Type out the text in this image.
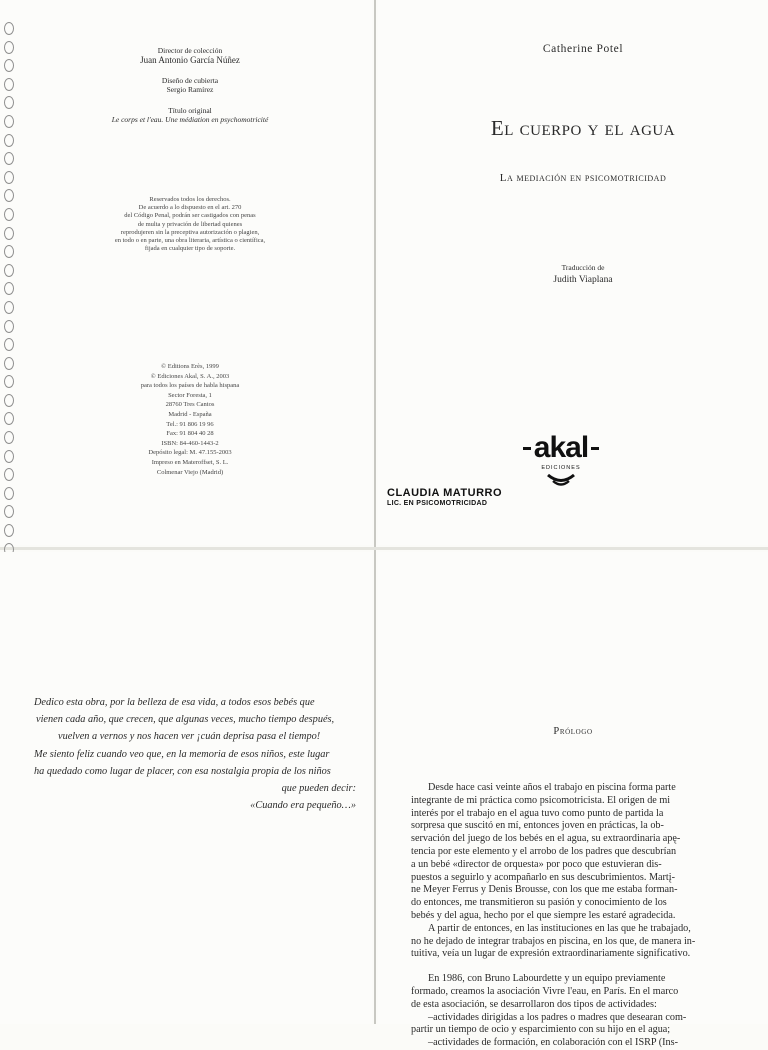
Director de colección
Juan Antonio García Núñez
Diseño de cubierta
Sergio Ramírez
Título original
Le corps et l'eau. Une médiation en psychomotricité
Reservados todos los derechos.
De acuerdo a lo dispuesto en el art. 270
del Código Penal, podrán ser castigados con penas
de multa y privación de libertad quienes
reprodujeren sin la preceptiva autorización o plagien,
en todo o en parte, una obra literaria, artística o científica,
fijada en cualquier tipo de soporte.
© Editions Erès, 1999
© Ediciones Akal, S. A., 2003
para todos los países de habla hispana
Sector Foresta, 1
28760 Tres Cantos
Madrid - España
Tel.: 91 806 19 96
Fax: 91 804 40 28
ISBN: 84-460-1443-2
Depósito legal: M. 47.155-2003
Impreso en Materoffset, S. L.
Colmenar Viejo (Madrid)
Catherine Potel
El cuerpo y el agua
La mediación en psicomotricidad
Traducción de
Judith Viaplana
akal
EDICIONES
CLAUDIA MATURRO
LIC. EN PSICOMOTRICIDAD
Dedico esta obra, por la belleza de esa vida, a todos esos bebés que
vienen cada año, que crecen, que algunas veces, mucho tiempo después,
vuelven a vernos y nos hacen ver ¡cuán deprisa pasa el tiempo!
Me siento feliz cuando veo que, en la memoria de esos niños, este lugar
ha quedado como lugar de placer, con esa nostalgia propia de los niños
que pueden decir:
«Cuando era pequeño…»
Prólogo
Desde hace casi veinte años el trabajo en piscina forma parte
integrante de mi práctica como psicomotricista. El origen de mi
interés por el trabajo en el agua tuvo como punto de partida la
sorpresa que suscitó en mí, entonces joven en prácticas, la ob-
servación del juego de los bebés en el agua, su extraordinaria apę-
tencia por este elemento y el arrobo de los padres que descubrían
a un bebé «director de orquesta» por poco que estuvieran dis-
puestos a seguirlo y acompañarlo en sus descubrimientos. Martį-
ne Meyer Ferrus y Denis Brousse, con los que me estaba forman-
do entonces, me transmitieron su pasión y conocimiento de los
bebés y del agua, hecho por el que siempre les estaré agradecida.
A partir de entonces, en las instituciones en las que he trabajado,
no he dejado de integrar trabajos en piscina, en los que, de manera in-
tuitiva, veía un lugar de expresión extraordinariamente significativo.
En 1986, con Bruno Labourdette y un equipo previamente
formado, creamos la asociación Vivre l'eau, en París. En el marco
de esta asociación, se desarrollaron dos tipos de actividades:
–actividades dirigidas a los padres o madres que desearan com-
partir un tiempo de ocio y esparcimiento con su hijo en el agua;
–actividades de formación, en colaboración con el ISRP (Ins-
